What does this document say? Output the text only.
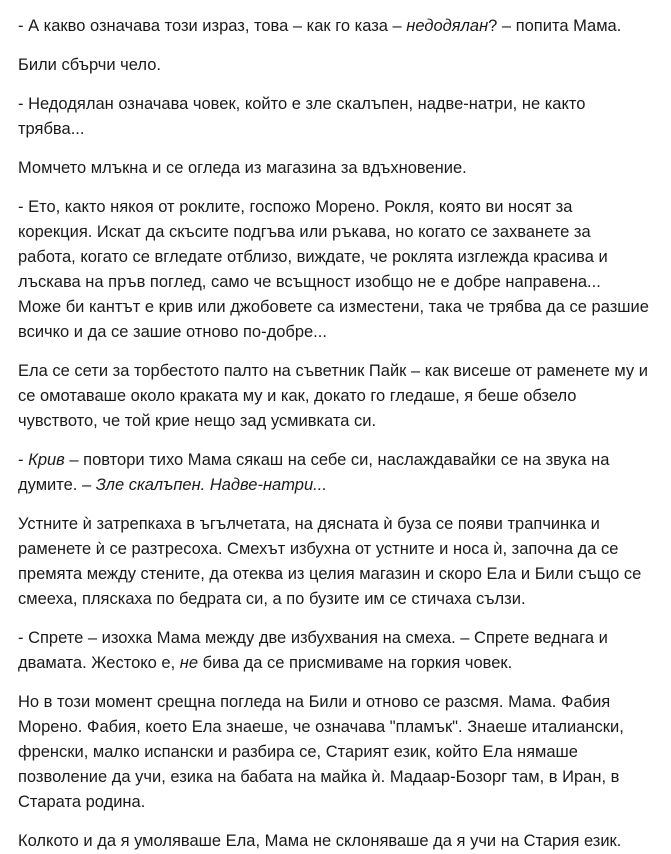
- А какво означава този израз, това – как го каза – недодялан? – попита Мама.
Били сбърчи чело.
- Недодялан означава човек, който е зле скалъпен, надве-натри, не както
трябва...
Момчето млъкна и се огледа из магазина за вдъхновение.
- Ето, както някоя от роклите, госпожо Морено. Рокля, която ви носят за
корекция. Искат да скъсите подгъва или ръкава, но когато се захванете за
работа, когато се вгледате отблизо, виждате, че роклята изглежда красива и
лъскава на пръв поглед, само че всъщност изобщо не е добре направена...
Може би кантът е крив или джобовете са изместени, така че трябва да се разшие
всичко и да се зашие отново по-добре...
Ела се сети за торбестото палто на съветник Пайк – как висеше от раменете му и
се омотаваше около краката му и как, докато го гледаше, я беше обзело
чувството, че той крие нещо зад усмивката си.
- Крив – повтори тихо Мама сякаш на себе си, наслаждавайки се на звука на
думите. – Зле скалъпен. Надве-натри...
Устните ѝ затрепкаха в ъгълчетата, на дясната ѝ буза се появи трапчинка и
раменете ѝ се разтресоха. Смехът избухна от устните и носа ѝ, започна да се
премята между стените, да отеква из целия магазин и скоро Ела и Били също се
смееха, пляскаха по бедрата си, а по бузите им се стичаха сълзи.
- Спрете – изохка Мама между две избухвания на смеха. – Спрете веднага и
двамата. Жестоко е, не бива да се присмиваме на горкия човек.
Но в този момент срещна погледа на Били и отново се разсмя. Мама. Фабия
Морено. Фабия, което Ела знаеше, че означава "пламък". Знаеше италиански,
френски, малко испански и разбира се, Старият език, който Ела нямаше
позволение да учи, езика на бабата на майка ѝ. Мадаар-Бозорг там, в Иран, в
Старата родина.
Колкото и да я умоляваше Ела, Мама не склоняваше да я учи на Стария език.
